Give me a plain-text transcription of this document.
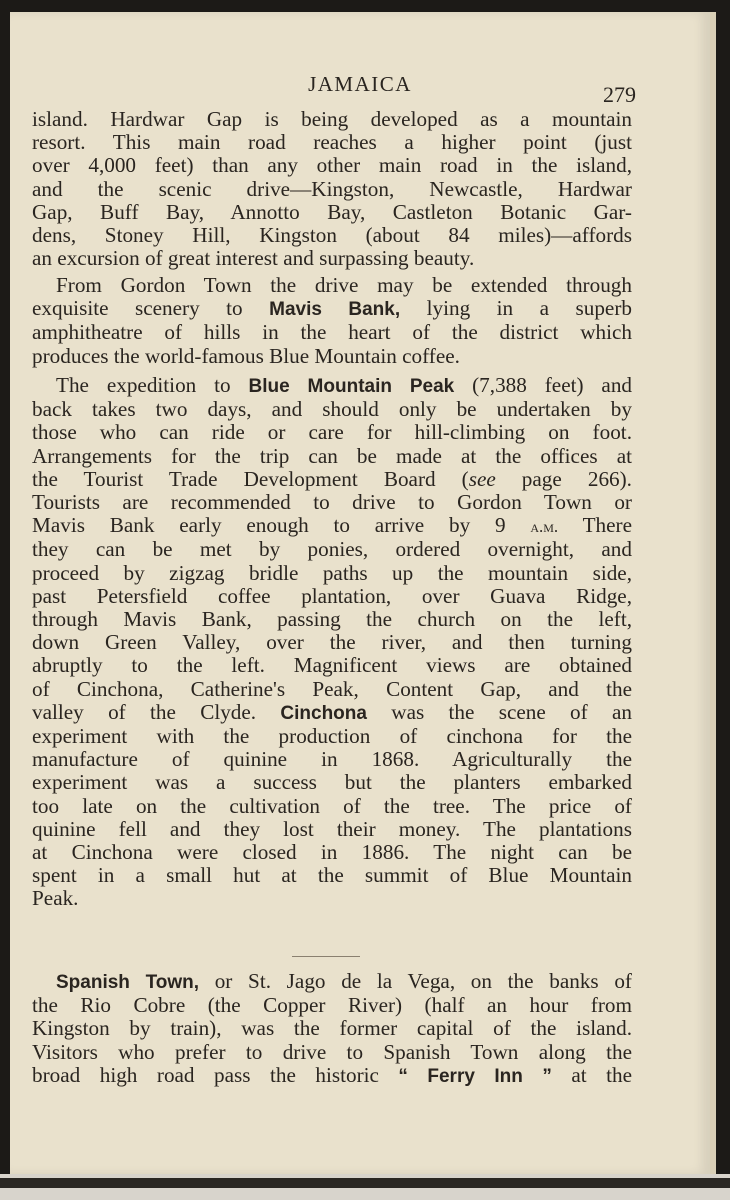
JAMAICA	279
island. Hardwar Gap is being developed as a mountain
resort. This main road reaches a higher point (just
over 4,000 feet) than any other main road in the island,
and the scenic drive—Kingston, Newcastle, Hardwar
Gap, Buff Bay, Annotto Bay, Castleton Botanic Gar-
dens, Stoney Hill, Kingston (about 84 miles)—affords
an excursion of great interest and surpassing beauty.
From Gordon Town the drive may be extended through
exquisite scenery to Mavis Bank, lying in a superb
amphitheatre of hills in the heart of the district which
produces the world-famous Blue Mountain coffee.
The expedition to Blue Mountain Peak (7,388 feet) and
back takes two days, and should only be undertaken by
those who can ride or care for hill-climbing on foot.
Arrangements for the trip can be made at the offices at
the Tourist Trade Development Board (see page 266).
Tourists are recommended to drive to Gordon Town or
Mavis Bank early enough to arrive by 9 a.m. There
they can be met by ponies, ordered overnight, and
proceed by zigzag bridle paths up the mountain side,
past Petersfield coffee plantation, over Guava Ridge,
through Mavis Bank, passing the church on the left,
down Green Valley, over the river, and then turning
abruptly to the left. Magnificent views are obtained
of Cinchona, Catherine's Peak, Content Gap, and the
valley of the Clyde. Cinchona was the scene of an
experiment with the production of cinchona for the
manufacture of quinine in 1868. Agriculturally the
experiment was a success but the planters embarked
too late on the cultivation of the tree. The price of
quinine fell and they lost their money. The plantations
at Cinchona were closed in 1886. The night can be
spent in a small hut at the summit of Blue Mountain
Peak.
Spanish Town, or St. Jago de la Vega, on the banks of
the Rio Cobre (the Copper River) (half an hour from
Kingston by train), was the former capital of the island.
Visitors who prefer to drive to Spanish Town along the
broad high road pass the historic “ Ferry Inn ” at the
